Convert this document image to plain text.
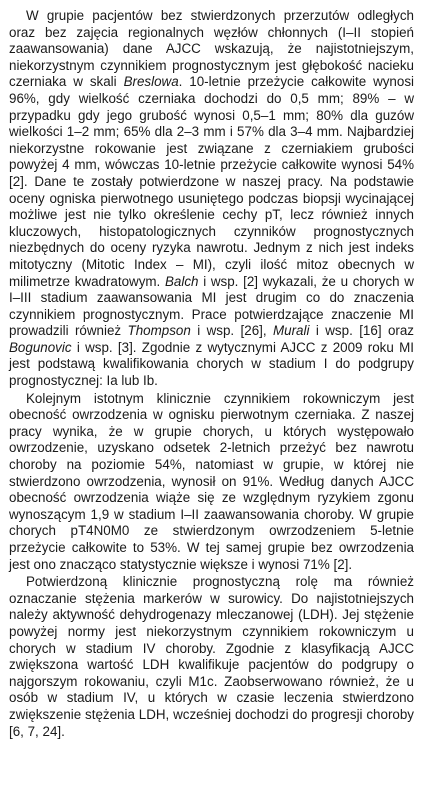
W grupie pacjentów bez stwierdzonych przerzutów odległych oraz bez zajęcia regionalnych węzłów chłonnych (I–II stopień zaawansowania) dane AJCC wskazują, że najistotniejszym, niekorzystnym czynnikiem prognostycznym jest głębokość nacieku czerniaka w skali Breslowa. 10-letnie przeżycie całkowite wynosi 96%, gdy wielkość czerniaka dochodzi do 0,5 mm; 89% – w przypadku gdy jego grubość wynosi 0,5–1 mm; 80% dla guzów wielkości 1–2 mm; 65% dla 2–3 mm i 57% dla 3–4 mm. Najbardziej niekorzystne rokowanie jest związane z czerniakiem grubości powyżej 4 mm, wówczas 10-letnie przeżycie całkowite wynosi 54% [2]. Dane te zostały potwierdzone w naszej pracy. Na podstawie oceny ogniska pierwotnego usuniętego podczas biopsji wycinającej możliwe jest nie tylko określenie cechy pT, lecz również innych kluczowych, histopatologicznych czynników prognostycznych niezbędnych do oceny ryzyka nawrotu. Jednym z nich jest indeks mitotyczny (Mitotic Index – MI), czyli ilość mitoz obecnych w milimetrze kwadratowym. Balch i wsp. [2] wykazali, że u chorych w I–III stadium zaawansowania MI jest drugim co do znaczenia czynnikiem prognostycznym. Prace potwierdzające znaczenie MI prowadzili również Thompson i wsp. [26], Murali i wsp. [16] oraz Bogunovic i wsp. [3]. Zgodnie z wytycznymi AJCC z 2009 roku MI jest podstawą kwalifikowania chorych w stadium I do podgrupy prognostycznej: Ia lub Ib.

Kolejnym istotnym klinicznie czynnikiem rokowniczym jest obecność owrzodzenia w ognisku pierwotnym czerniaka. Z naszej pracy wynika, że w grupie chorych, u których występowało owrzodzenie, uzyskano odsetek 2-letnich przeżyć bez nawrotu choroby na poziomie 54%, natomiast w grupie, w której nie stwierdzono owrzodzenia, wynosił on 91%. Według danych AJCC obecność owrzodzenia wiąże się ze względnym ryzykiem zgonu wynoszącym 1,9 w stadium I–II zaawansowania choroby. W grupie chorych pT4N0M0 ze stwierdzonym owrzodzeniem 5-letnie przeżycie całkowite to 53%. W tej samej grupie bez owrzodzenia jest ono znacząco statystycznie większe i wynosi 71% [2].

Potwierdzoną klinicznie prognostyczną rolę ma również oznaczanie stężenia markerów w surowicy. Do najistotniejszych należy aktywność dehydrogenazy mleczanowej (LDH). Jej stężenie powyżej normy jest niekorzystnym czynnikiem rokowniczym u chorych w stadium IV choroby. Zgodnie z klasyfikacją AJCC zwiększona wartość LDH kwalifikuje pacjentów do podgrupy o najgorszym rokowaniu, czyli M1c. Zaobserwowano również, że u osób w stadium IV, u których w czasie leczenia stwierdzono zwiększenie stężenia LDH, wcześniej dochodzi do progresji choroby [6, 7, 24].
